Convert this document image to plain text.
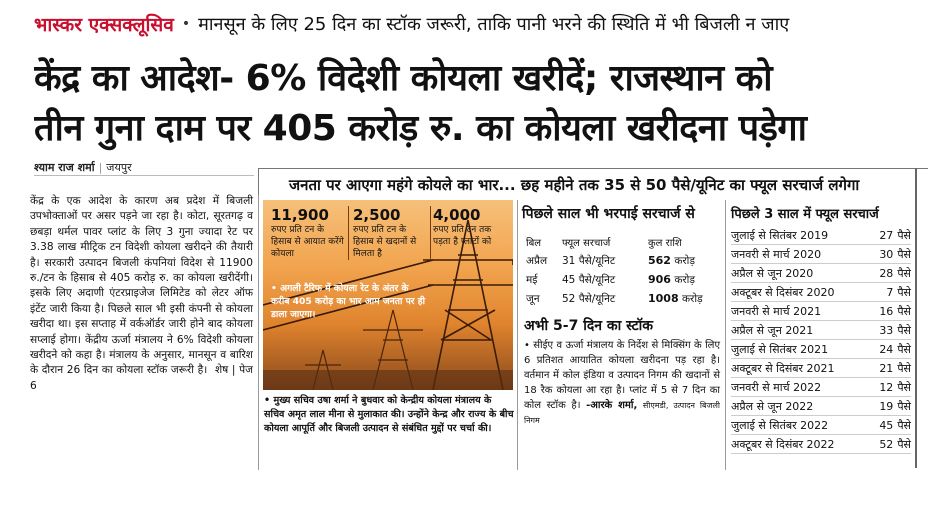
भास्कर एक्सक्लूसिव • मानसून के लिए 25 दिन का स्टॉक जरूरी, ताकि पानी भरने की स्थिति में भी बिजली न जाए
केंद्र का आदेश- 6% विदेशी कोयला खरीदें; राजस्थान को
तीन गुना दाम पर 405 करोड़ रु. का कोयला खरीदना पड़ेगा
श्याम राज शर्मा | जयपुर
जनता पर आएगा महंगे कोयले का भार... छह महीने तक 35 से 50 पैसे/यूनिट का फ्यूल सरचार्ज लगेगा
केंद्र के एक आदेश के कारण अब प्रदेश में बिजली उपभोक्ताओं पर असर पड़ने जा रहा है। कोटा, सूरतगढ़ व छबड़ा थर्मल पावर प्लांट के लिए 3 गुना ज्यादा रेट पर 3.38 लाख मीट्रिक टन विदेशी कोयला खरीदने की तैयारी है। सरकारी उत्पादन बिजली कंपनियां विदेश से 11900 रु./टन के हिसाब से 405 करोड़ रु. का कोयला खरीदेंगी। इसके लिए अदाणी एंटरप्राइजेज लिमिटेड को लेटर ऑफ इंटेंट जारी किया है। पिछले साल भी इसी कंपनी से कोयला खरीदा था। इस सप्ताह में वर्कऑर्डर जारी होने बाद कोयला सप्लाई होगा। केंद्रीय ऊर्जा मंत्रालय ने 6% विदेशी कोयला खरीदने को कहा है। मंत्रालय के अनुसार, मानसून व बारिश के दौरान 26 दिन का कोयला स्टॉक जरूरी है। शेष | पेज 6
11,900
रुपए प्रति टन के हिसाब से आयात करेंगे कोयला
2,500
रुपए प्रति टन के हिसाब से खदानों से मिलता है
4,000
रुपए प्रति टन तक पड़ता है प्लांटों को
• अगली टैरिफ में कोयला रेट के अंतर के करीब 405 करोड़ का भार आम जनता पर ही डाला जाएगा।
• मुख्य सचिव उषा शर्मा ने बुधवार को केन्द्रीय कोयला मंत्रालय के सचिव अमृत लाल मीना से मुलाकात की। उन्होंने केन्द्र और राज्य के बीच कोयला आपूर्ति और बिजली उत्पादन से संबंधित मुद्दों पर चर्चा की।
पिछले साल भी भरपाई सरचार्ज से
बिल	फ्यूल सरचार्ज	कुल राशि
अप्रैल	31 पैसे/यूनिट	562 करोड़
मई	45 पैसे/यूनिट	906 करोड़
जून	52 पैसे/यूनिट	1008 करोड़
अभी 5-7 दिन का स्टॉक
• सीईए व ऊर्जा मंत्रालय के निर्देश से मिक्सिंग के लिए 6 प्रतिशत आयातित कोयला खरीदना पड़ रहा है। वर्तमान में कोल इंडिया व उत्पादन निगम की खदानों से 18 रैक कोयला आ रहा है। प्लांट में 5 से 7 दिन का कोल स्टॉक है। -आरके शर्मा, सीएमडी, उत्पादन बिजली निगम
पिछले 3 साल में फ्यूल सरचार्ज
जुलाई से सितंबर 2019	27 पैसे
जनवरी से मार्च 2020	30 पैसे
अप्रैल से जून 2020	28 पैसे
अक्टूबर से दिसंबर 2020	7 पैसे
जनवरी से मार्च 2021	16 पैसे
अप्रैल से जून 2021	33 पैसे
जुलाई से सितंबर 2021	24 पैसे
अक्टूबर से दिसंबर 2021	21 पैसे
जनवरी से मार्च 2022	12 पैसे
अप्रैल से जून 2022	19 पैसे
जुलाई से सितंबर 2022	45 पैसे
अक्टूबर से दिसंबर 2022	52 पैसे
